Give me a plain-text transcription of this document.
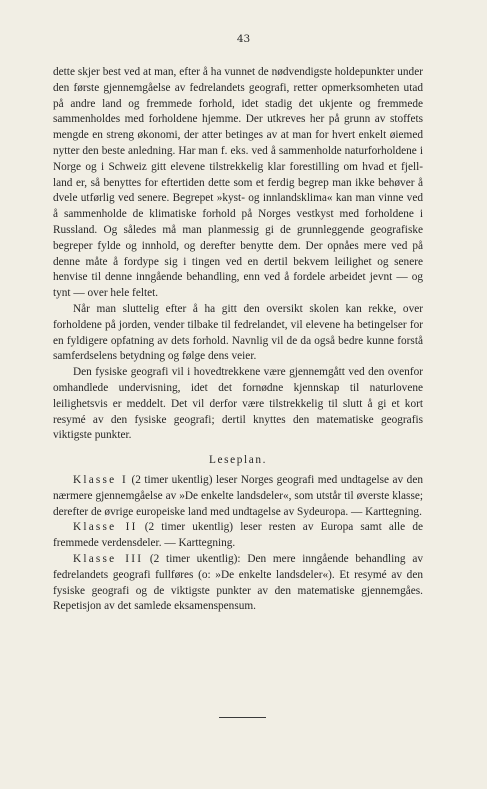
43

dette skjer best ved at man, efter å ha vunnet de nødvendigste holdepunkter under den første gjennemgåelse av fedrelandets geografi, retter opmerksomheten utad på andre land og fremmede forhold, idet stadig det ukjente og fremmede sammenholdes med forholdene hjemme. Der utkreves her på grunn av stoffets mengde en streng økonomi, der atter betinges av at man for hvert enkelt øiemed nytter den beste anledning. Har man f. eks. ved å sammenholde naturforholdene i Norge og i Schweiz gitt elevene tilstrekkelig klar forestilling om hvad et fjell-land er, så benyttes for eftertiden dette som et ferdig begrep man ikke behøver å dvele utførlig ved senere. Begrepet »kyst- og innlandsklima« kan man vinne ved å sammenholde de klimatiske forhold på Norges vestkyst med forholdene i Russland. Og således må man planmessig gi de grunnleggende geografiske begreper fylde og innhold, og derefter benytte dem. Der opnåes mere ved på denne måte å fordype sig i tingen ved en dertil bekvem leilighet og senere henvise til denne inngående behandling, enn ved å fordele arbeidet jevnt — og tynt — over hele feltet.

Når man sluttelig efter å ha gitt den oversikt skolen kan rekke, over forholdene på jorden, vender tilbake til fedrelandet, vil elevene ha betingelser for en fyldigere opfatning av dets forhold. Navnlig vil de da også bedre kunne forstå samferdselens betydning og følge dens veier.

Den fysiske geografi vil i hovedtrekkene være gjennemgått ved den ovenfor omhandlede undervisning, idet det fornødne kjennskap til naturlovene leilighetsvis er meddelt. Det vil derfor være tilstrekkelig til slutt å gi et kort resymé av den fysiske geografi; dertil knyttes den matematiske geografis viktigste punkter.

Leseplan.

Klasse I (2 timer ukentlig) leser Norges geografi med undtagelse av den nærmere gjennemgåelse av »De enkelte landsdeler«, som utstår til øverste klasse; derefter de øvrige europeiske land med undtagelse av Sydeuropa. — Karttegning.

Klasse II (2 timer ukentlig) leser resten av Europa samt alle de fremmede verdensdeler. — Karttegning.

Klasse III (2 timer ukentlig): Den mere inngående behandling av fedrelandets geografi fullføres (o: »De enkelte landsdeler«). Et resymé av den fysiske geografi og de viktigste punkter av den matematiske gjennemgåes. Repetisjon av det samlede eksamenspensum.
